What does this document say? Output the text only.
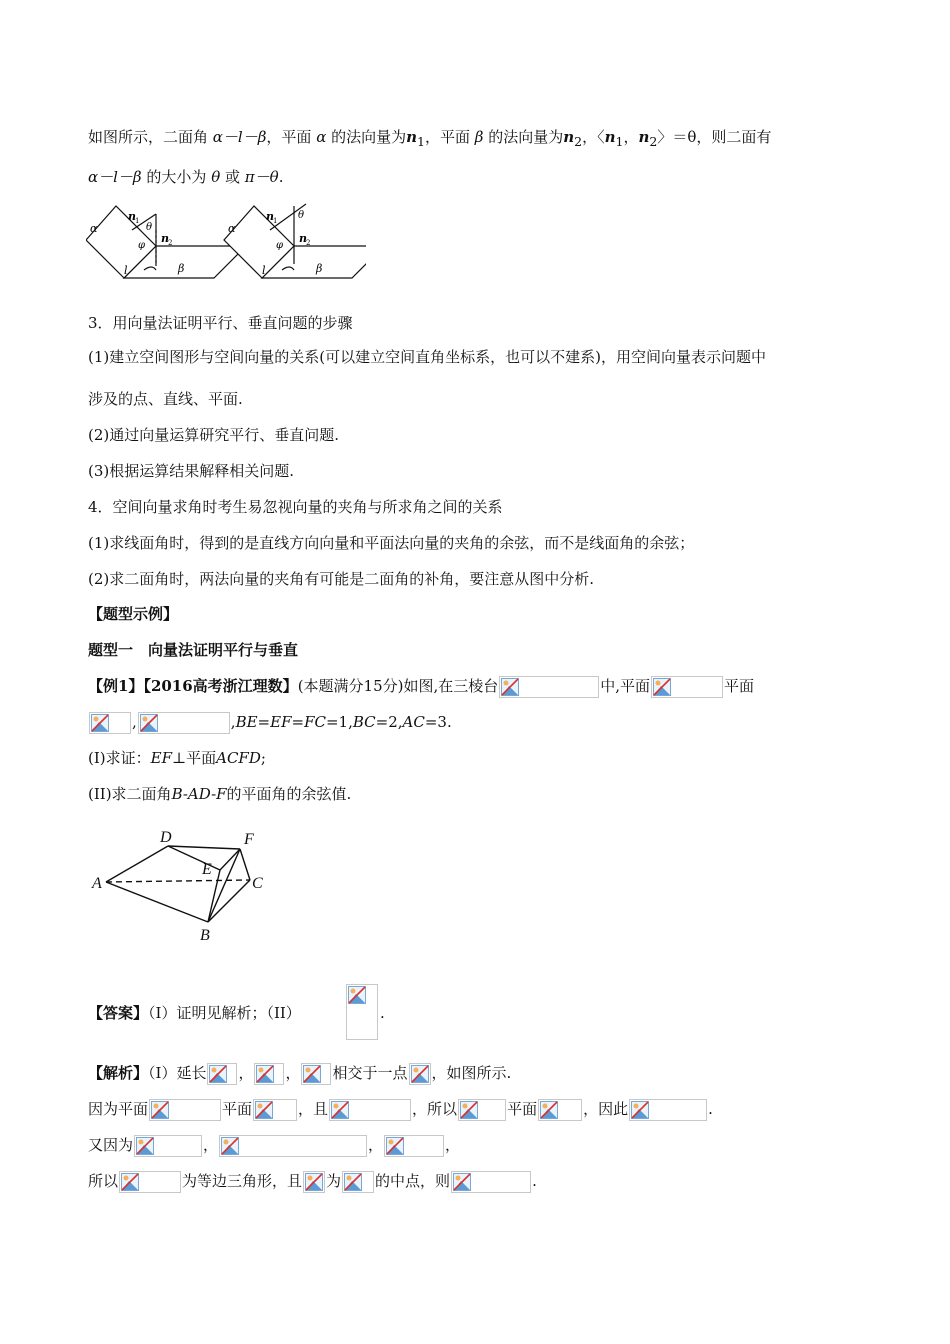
如图所示，二面角 α－l－β，平面 α 的法向量为$n_1$，平面 β 的法向量为$n_2$，〈$n_1$，$n_2$〉＝θ，则二面有
α－l－β 的大小为 θ 或 π－θ.
α
β
l
n 1
n 2
θ
φ
α
β
l
n 1
n 2
θ
φ
3．用向量法证明平行、垂直问题的步骤
(1)建立空间图形与空间向量的关系(可以建立空间直角坐标系，也可以不建系)，用空间向量表示问题中
涉及的点、直线、平面.
(2)通过向量运算研究平行、垂直问题.
(3)根据运算结果解释相关问题.
4．空间向量求角时考生易忽视向量的夹角与所求角之间的关系
(1)求线面角时，得到的是直线方向向量和平面法向量的夹角的余弦，而不是线面角的余弦；
(2)求二面角时，两法向量的夹角有可能是二面角的补角，要注意从图中分析.
【题型示例】
题型一　向量法证明平行与垂直
【例1】【2016高考浙江理数】(本题满分15分)如图,在三棱台	中,平面	平面
,	,BE=EF=FC=1,BC=2,AC=3.
(I)求证：EF⊥平面ACFD;
(II)求二面角B-AD-F的平面角的余弦值.
A
B
C
D
E
F
【答案】（I）证明见解析；（II）	.
【解析】（Ⅰ）延长 ， ， 相交于一点 ，如图所示.
因为平面	平面	，且	，所以	平面	，因此	.
又因为	，	，	，
所以	为等边三角形，且 为 的中点，则	.
